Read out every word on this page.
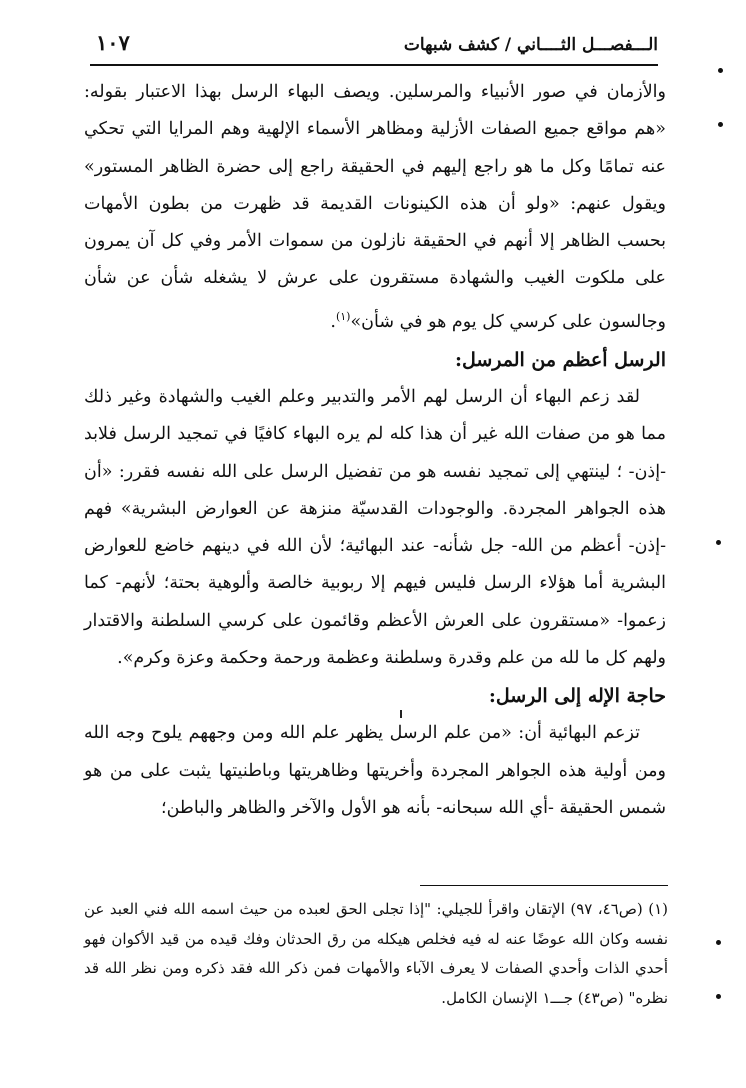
١٠٧	الـــفصـــل الثــــاني / كشف شبهات

والأزمان في صور الأنبياء والمرسلين. ويصف البهاء الرسل بهذا الاعتبار بقوله: «هم مواقع جميع الصفات الأزلية ومظاهر الأسماء الإلهية وهم المرايا التي تحكي عنه تمامًا وكل ما هو راجع إليهم في الحقيقة راجع إلى حضرة الظاهر المستور» ويقول عنهم: «ولو أن هذه الكينونات القديمة قد ظهرت من بطون الأمهات بحسب الظاهر إلا أنهم في الحقيقة نازلون من سموات الأمر وفي كل آن يمرون على ملكوت الغيب والشهادة مستقرون على عرش لا يشغله شأن عن شأن وجالسون على كرسي كل يوم هو في شأن»$^{(١)}$.

الرسل أعظم من المرسل:

لقد زعم البهاء أن الرسل لهم الأمر والتدبير وعلم الغيب والشهادة وغير ذلك مما هو من صفات الله غير أن هذا كله لم يره البهاء كافيًا في تمجيد الرسل فلابد -إذن- ؛ لينتهي إلى تمجيد نفسه هو من تفضيل الرسل على الله نفسه فقرر: «أن هذه الجواهر المجردة. والوجودات القدسيّة منزهة عن العوارض البشرية» فهم -إذن- أعظم من الله- جل شأنه- عند البهائية؛ لأن الله في دينهم خاضع للعوارض البشرية أما هؤلاء الرسل فليس فيهم إلا ربوبية خالصة وألوهية بحتة؛ لأنهم- كما زعموا- «مستقرون على العرش الأعظم وقائمون على كرسي السلطنة والاقتدار ولهم كل ما لله من علم وقدرة وسلطنة وعظمة ورحمة وحكمة وعزة وكرم».

حاجة الإله إلى الرسل:

تزعم البهائية أن: «من علم الرسل يظهر علم الله ومن وجههم يلوح وجه الله ومن أولية هذه الجواهر المجردة وأخريتها وظاهريتها وباطنيتها يثبت على من هو شمس الحقيقة -أي الله سبحانه- بأنه هو الأول والآخر والظاهر والباطن؛

(١) (ص٤٦، ٩٧) الإتقان واقرأ للجيلي: "إذا تجلى الحق لعبده من حيث اسمه الله فني العبد عن نفسه وكان الله عوضًا عنه له فيه فخلص هيكله من رق الحدثان وفك قيده من قيد الأكوان فهو أحدي الذات وأحدي الصفات لا يعرف الآباء والأمهات فمن ذكر الله فقد ذكره ومن نظر الله قد نظره" (ص٤٣) جـــ١ الإنسان الكامل.
